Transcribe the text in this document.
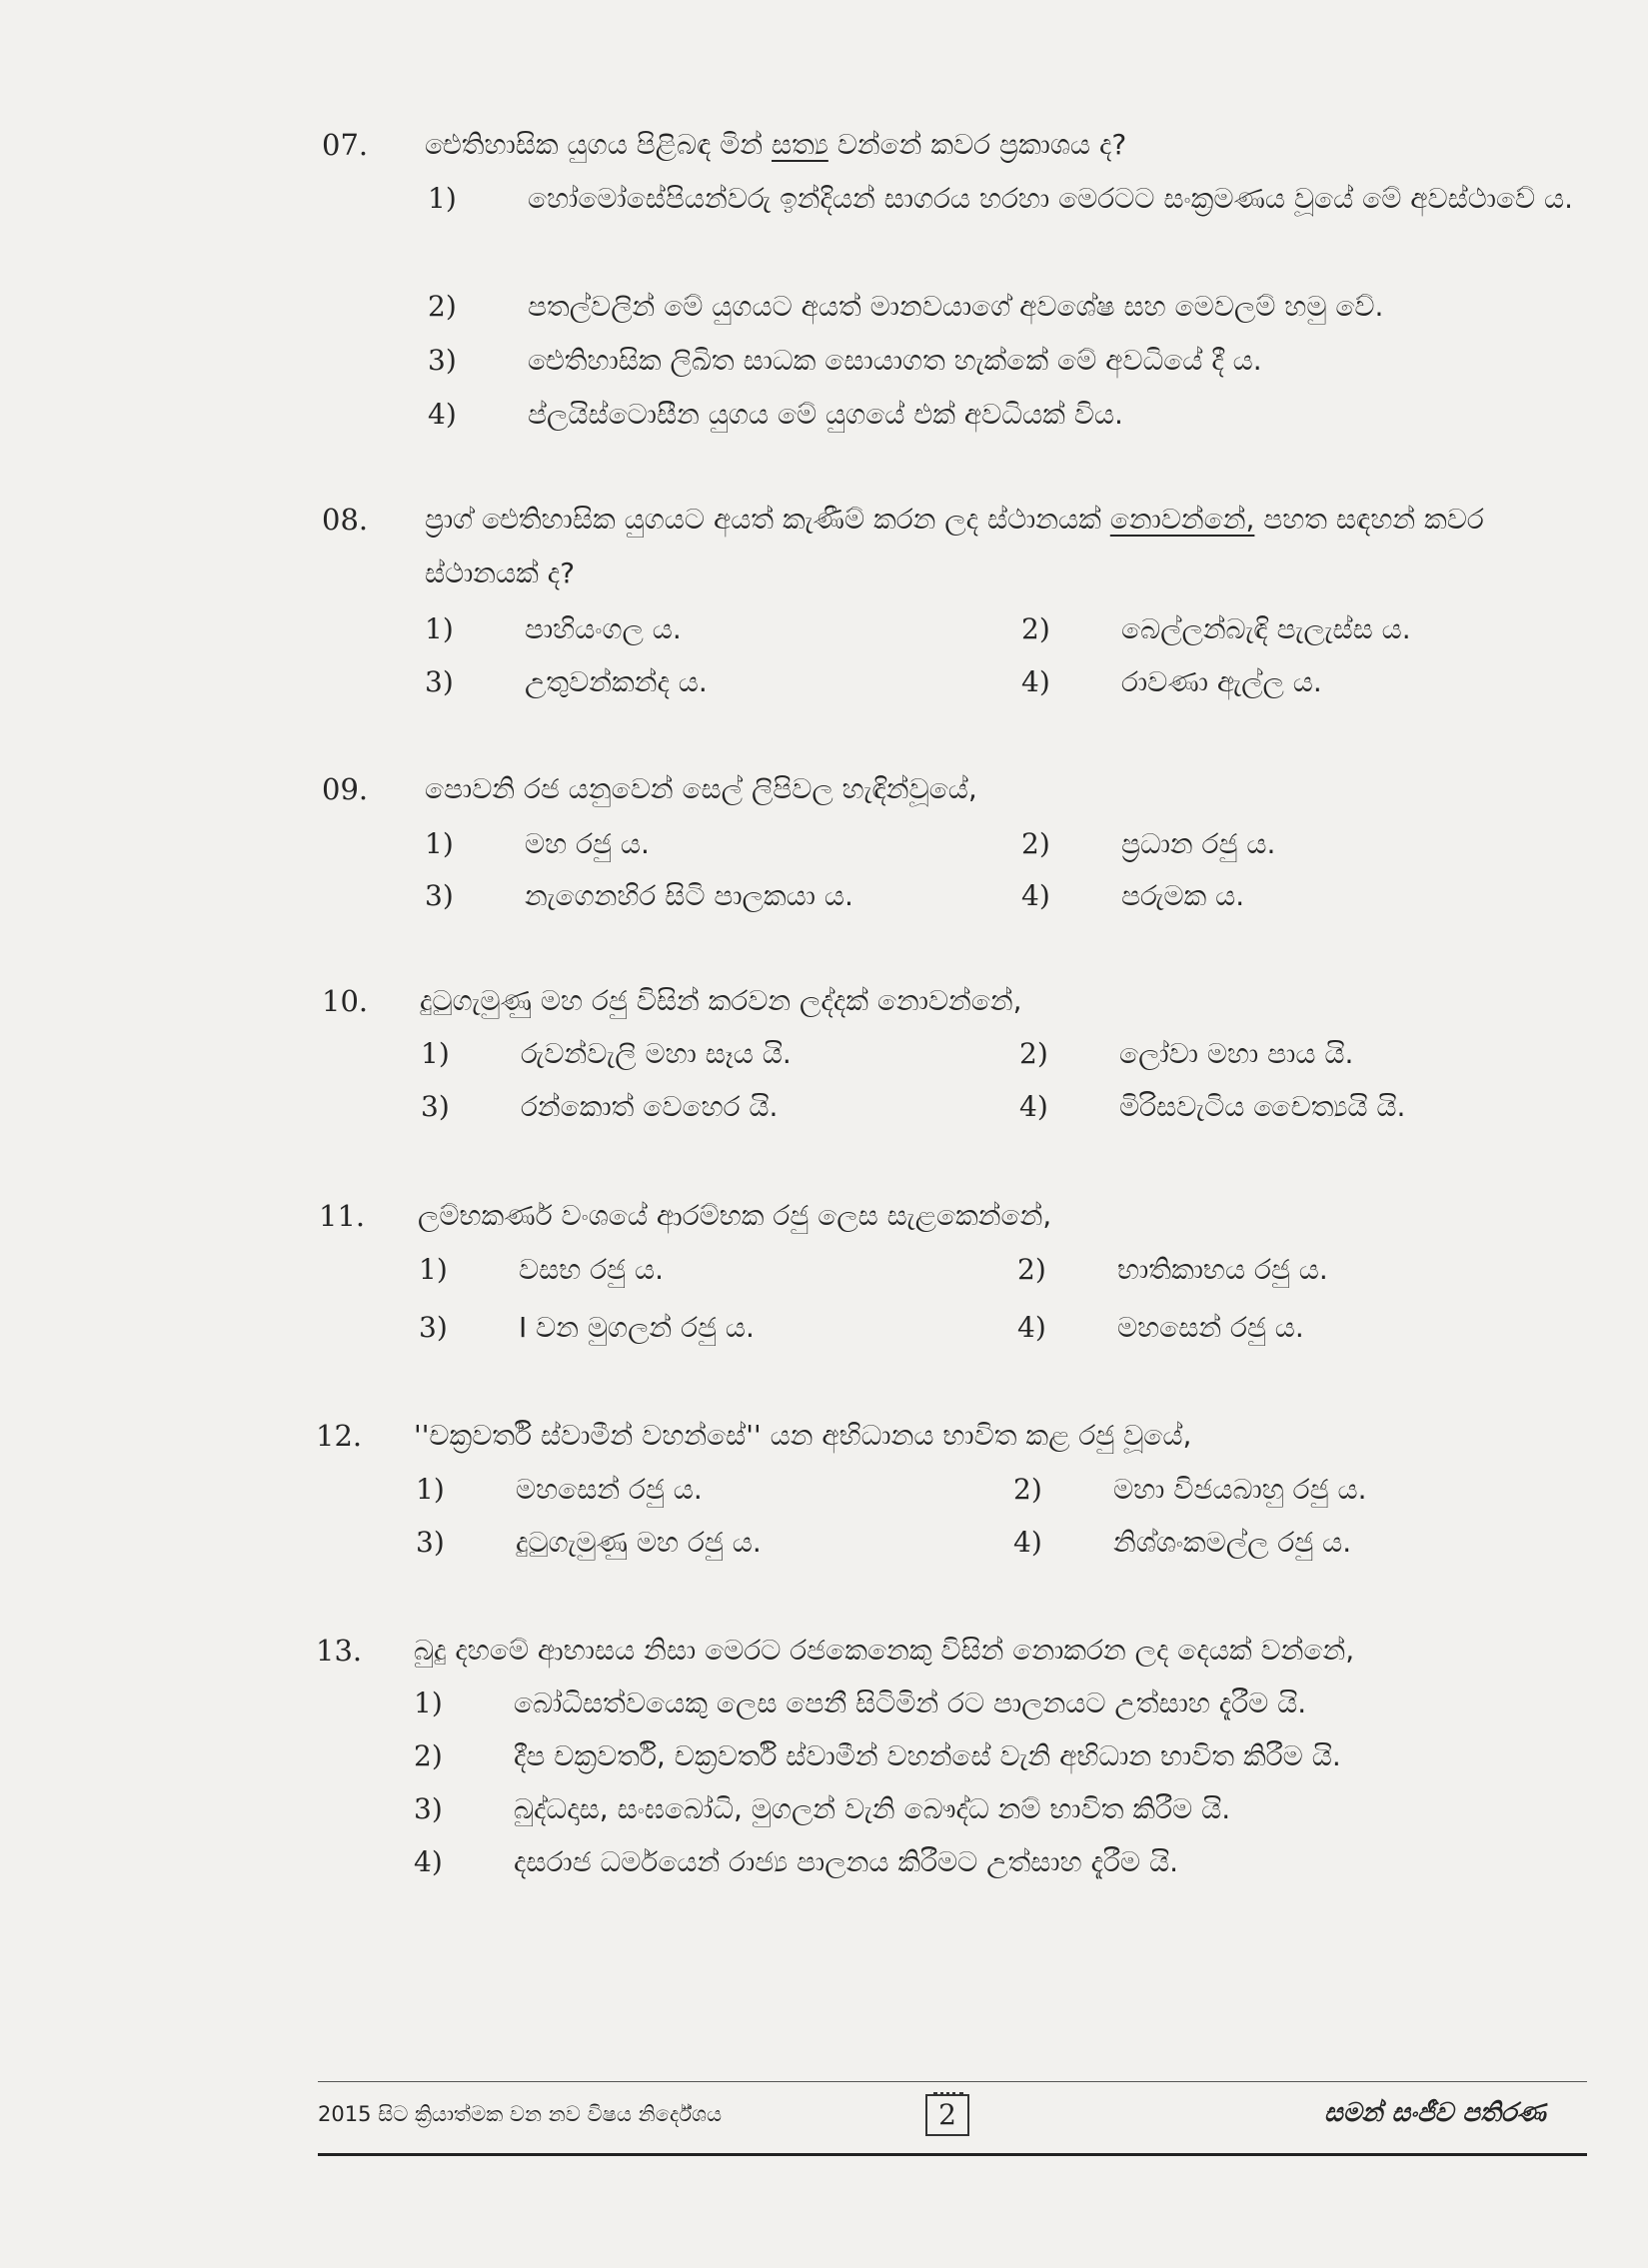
07. ඓතිහාසික යුගය පිළිබඳ මින් සත්‍ය වන්නේ කවර ප්‍රකාශය ද?
1)	හෝමෝසේපියන්වරු ඉන්දියන් සාගරය හරහා මෙරටට සංක්‍රමණය වූයේ මේ අවස්ථාවේ ය.
2)	පතල්වලින් මේ යුගයට අයත් මානවයාගේ අවශේෂ සහ මෙවලම් හමු වේ.
3)	ඓතිහාසික ලිඛිත සාධක සොයාගත හැක්කේ මේ අවධියේ දී ය.
4)	ප්ලයිස්ටොසීන යුගය මේ යුගයේ එක් අවධියක් විය.
08. ප්‍රාග් ඓතිහාසික යුගයට අයත් කැණීම් කරන ලද ස්ථානයක් නොවන්නේ, පහත සඳහන් කවර ස්ථානයක් ද?
1)	පාහියංගල ය.	2)	බෙල්ලන්බැඳි පැලැස්ස ය.
3)	උතුවන්කන්ද ය.	4)	රාවණා ඇල්ල ය.
09. පොවනි රජ යනුවෙන් සෙල් ලිපිවල හැඳින්වූයේ,
1)	මහ රජු ය.	2)	ප්‍රධාන රජු ය.
3)	නැගෙනහිර සිටි පාලකයා ය.	4)	පරුමක ය.
10. දුටුගැමුණු මහ රජු විසින් කරවන ලද්දක් නොවන්නේ,
1)	රුවන්වැලි මහා සෑය යි.	2)	ලෝවා මහා පාය යි.
3)	රන්කොත් වෙහෙර යි.	4)	මිරිසවැටිය චෛත්‍යයි යි.
11. ලම්භකර්ණ වංශයේ ආරම්භක රජු ලෙස සැළකෙන්නේ,
1)	වසභ රජු ය.	2)	භාතිකාභය රජු ය.
3)	I වන මුගලන් රජු ය.	4)	මහසෙන් රජු ය.
12. ''චක්‍රවර්ති ස්වාමීන් වහන්සේ'' යන අභිධානය භාවිත කළ රජු වූයේ,
1)	මහසෙන් රජු ය.	2)	මහා විජයබාහු රජු ය.
3)	දුටුගැමුණු මහ රජු ය.	4)	නිශ්ශංකමල්ල රජු ය.
13. බුදු දහමේ ආභාසය නිසා මෙරට රජකෙනෙකු විසින් නොකරන ලද දෙයක් වන්නේ,
1)	බෝධිසත්වයෙකු ලෙස පෙනී සිටිමින් රට පාලනයට උත්සාහ දැරීම යි.
2)	දීප චක්‍රවර්ති, චක්‍රවර්ති ස්වාමීන් වහන්සේ වැනි අභිධාන භාවිත කිරීම යි.
3)	බුද්ධදාස, සංඝබෝධි, මුගලන් වැනි බෞද්ධ නම් භාවිත කිරීම යි.
4)	දසරාජ ධර්මයෙන් රාජ්‍ය පාලනය කිරීමට උත්සාහ දැරීම යි.
2015 සිට ක්‍රියාත්මක වන නව විෂය නිර්දේශය	2	සමන් සංජීව පතිරණ
